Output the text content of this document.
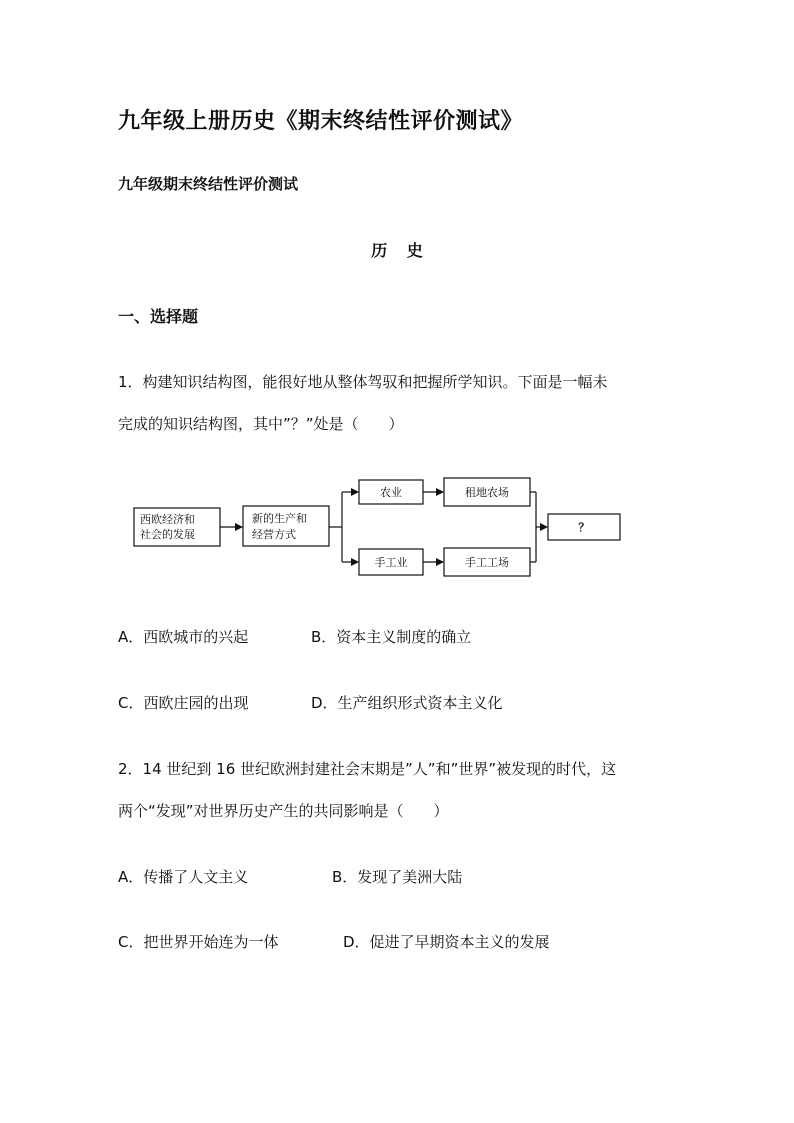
九年级上册历史《期末终结性评价测试》
九年级期末终结性评价测试
历 史
一、选择题
1．构建知识结构图，能很好地从整体驾驭和把握所学知识。下面是一幅未
完成的知识结构图，其中”？”处是（　　）
西欧经济和
社会的发展
新的生产和
经营方式
农业
手工业
租地农场
手工工场
？
A．西欧城市的兴起	B．资本主义制度的确立
C．西欧庄园的出现	D．生产组织形式资本主义化
2．14 世纪到 16 世纪欧洲封建社会末期是”人”和”世界”被发现的时代，这
两个“发现”对世界历史产生的共同影响是（　　）
A．传播了人文主义	B．发现了美洲大陆
C．把世界开始连为一体	D．促进了早期资本主义的发展
